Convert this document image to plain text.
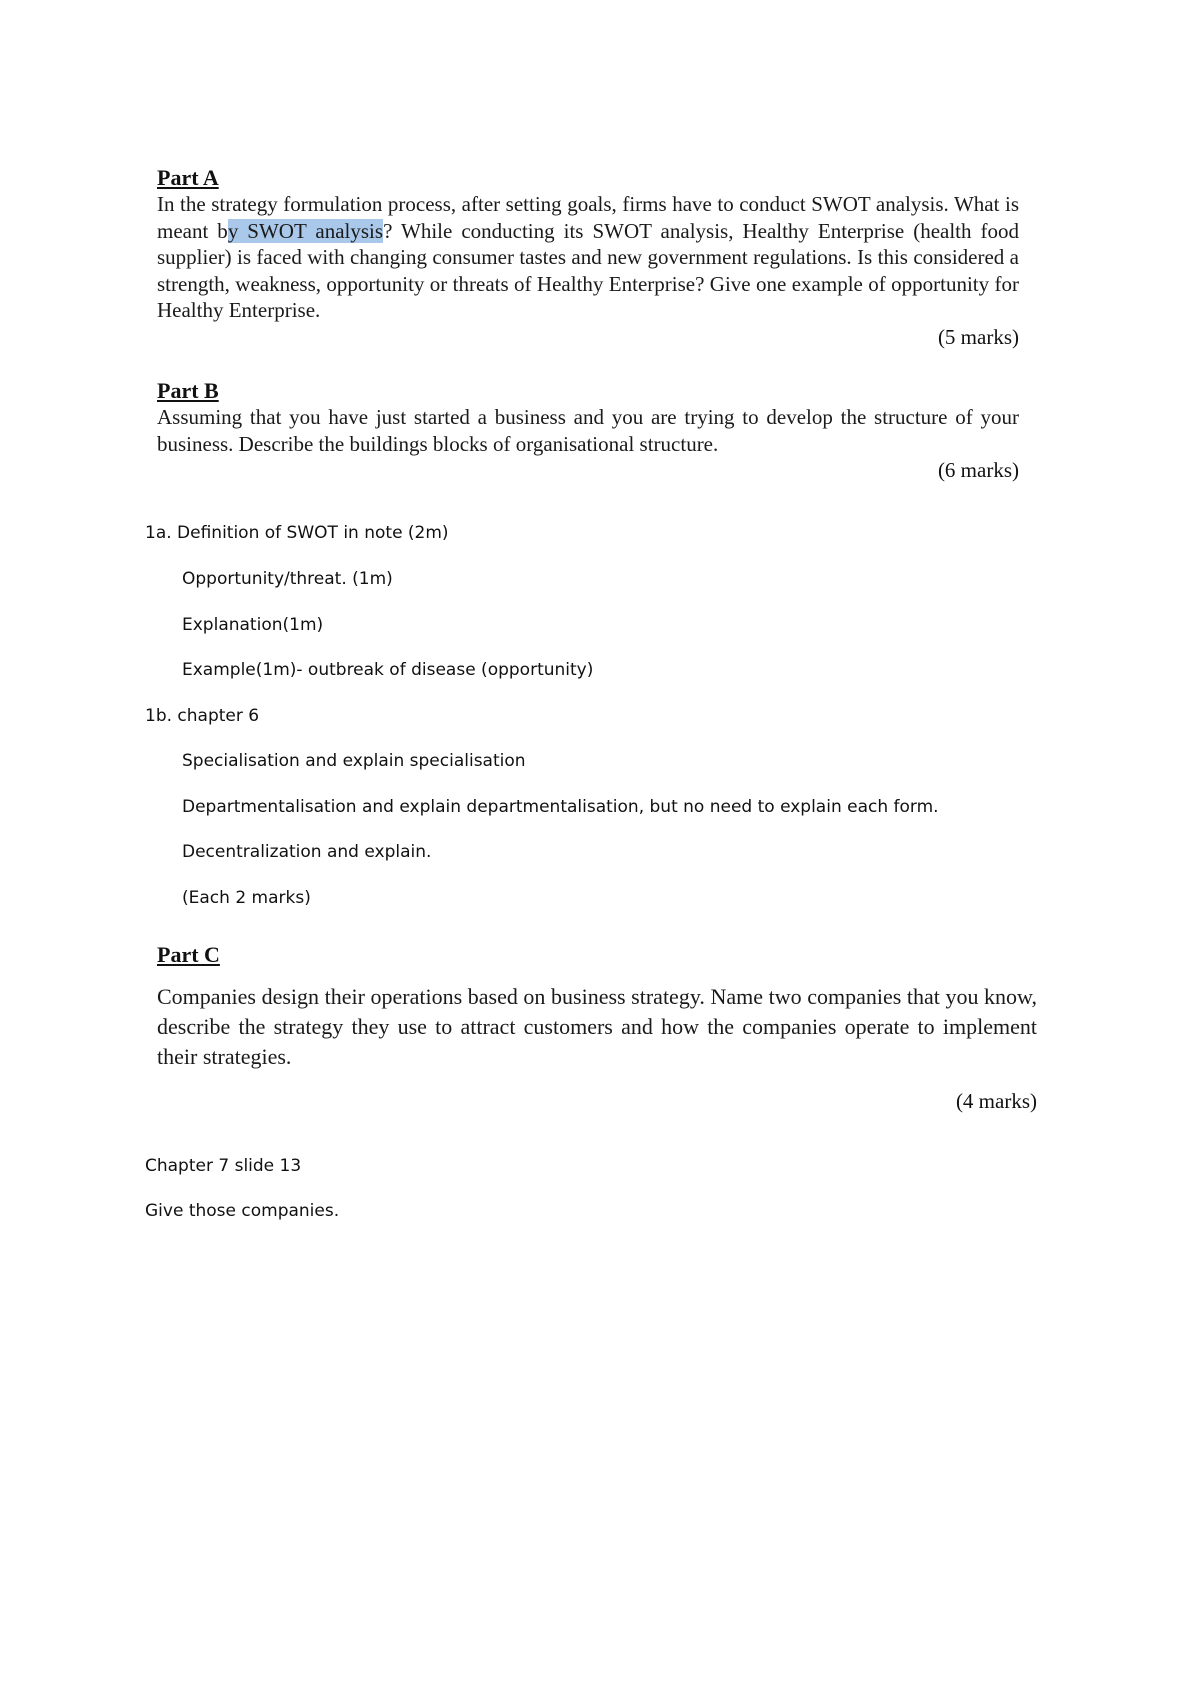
Part A

In the strategy formulation process, after setting goals, firms have to conduct SWOT analysis. What is meant by SWOT analysis? While conducting its SWOT analysis, Healthy Enterprise (health food supplier) is faced with changing consumer tastes and new government regulations. Is this considered a strength, weakness, opportunity or threats of Healthy Enterprise? Give one example of opportunity for Healthy Enterprise.

(5 marks)

Part B

Assuming that you have just started a business and you are trying to develop the structure of your business. Describe the buildings blocks of organisational structure.

(6 marks)

1a. Definition of SWOT in note (2m)
Opportunity/threat. (1m)
Explanation(1m)
Example(1m)- outbreak of disease (opportunity)
1b. chapter 6
Specialisation and explain specialisation
Departmentalisation and explain departmentalisation, but no need to explain each form.
Decentralization and explain.
(Each 2 marks)

Part C

Companies design their operations based on business strategy. Name two companies that you know, describe the strategy they use to attract customers and how the companies operate to implement their strategies.

(4 marks)

Chapter 7 slide 13
Give those companies.
